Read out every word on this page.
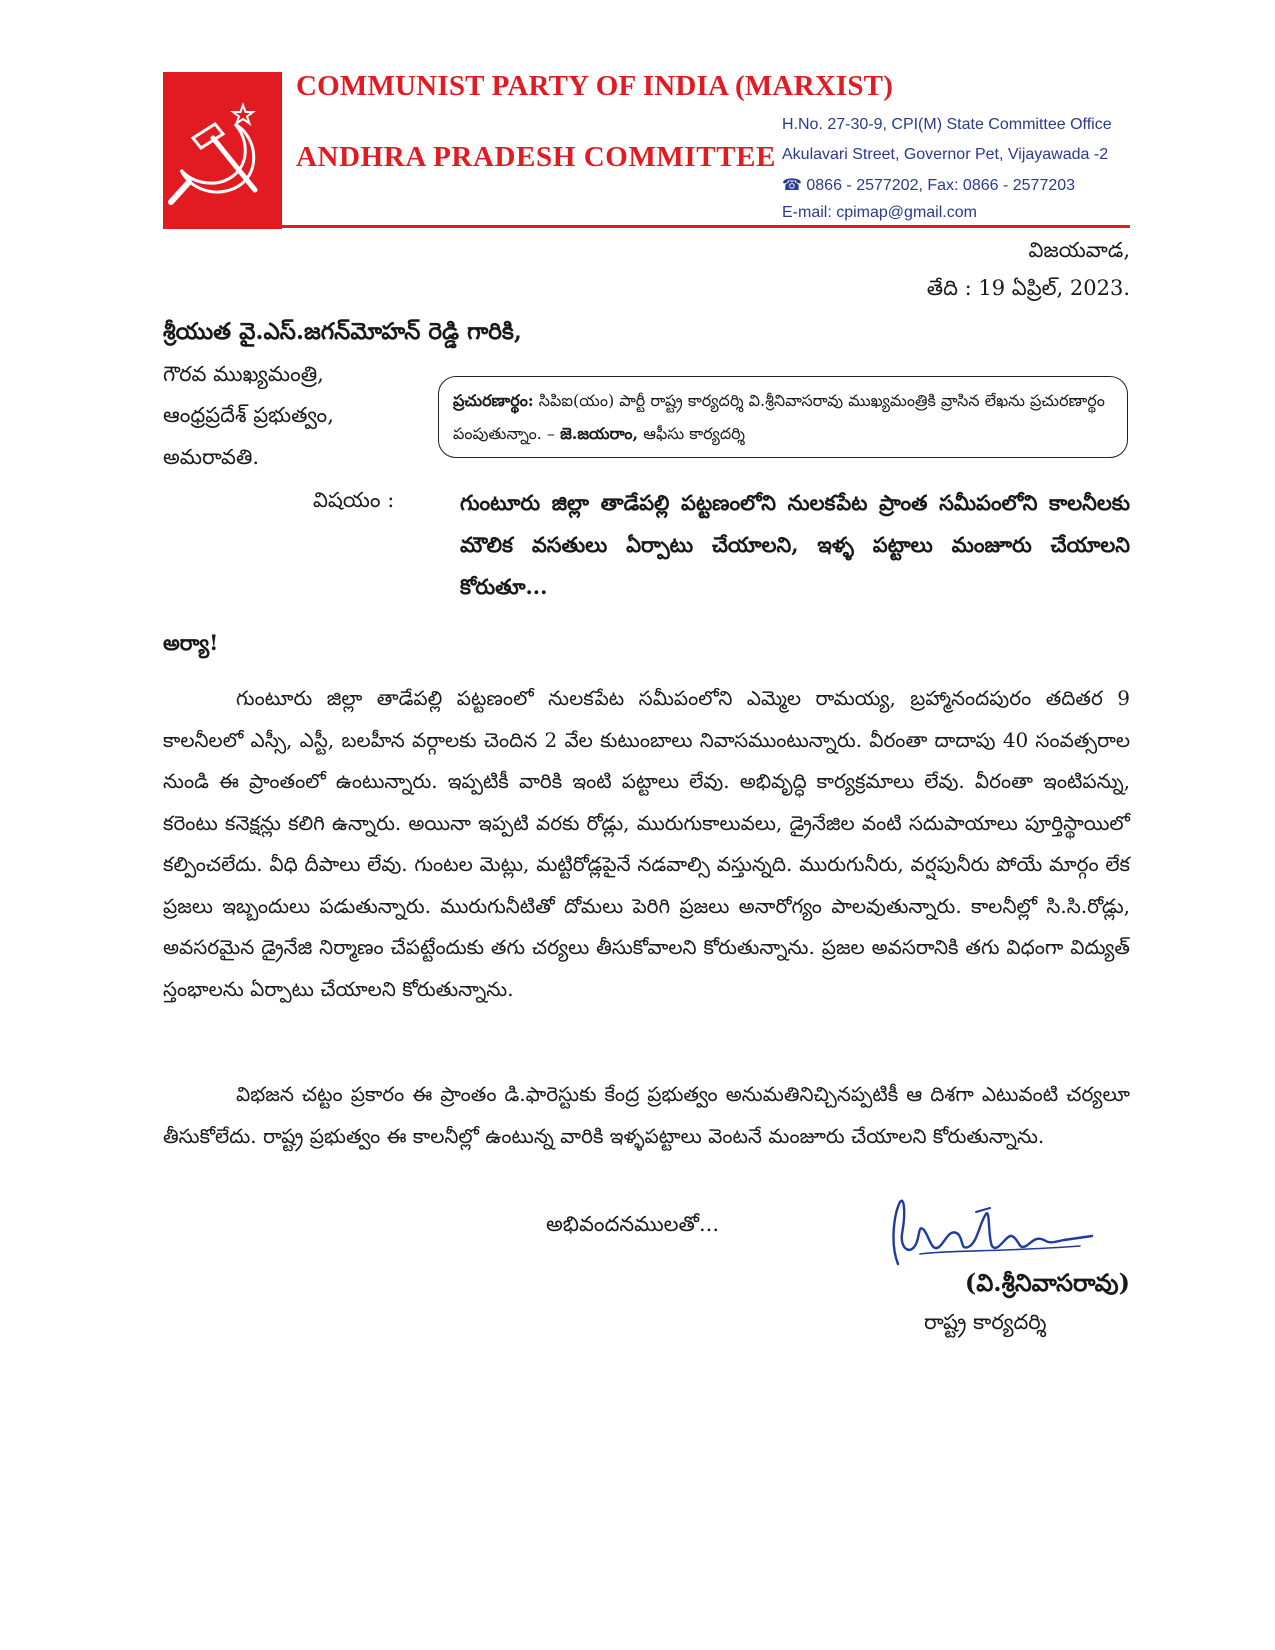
COMMUNIST PARTY OF INDIA (MARXIST)
ANDHRA PRADESH COMMITTEE
H.No. 27-30-9, CPI(M) State Committee Office
Akulavari Street, Governor Pet, Vijayawada -2
☎ 0866 - 2577202, Fax: 0866 - 2577203
E-mail: cpimap@gmail.com
విజయవాడ,
తేది : 19 ఏప్రిల్, 2023.
శ్రీయుత వై.ఎస్.జగన్‌మోహన్ రెడ్డి గారికి,
గౌరవ ముఖ్యమంత్రి,
ఆంధ్రప్రదేశ్ ప్రభుత్వం,
అమరావతి.
ప్రచురణార్థం: సిపిఐ(యం) పార్టీ రాష్ట్ర కార్యదర్శి వి.శ్రీనివాసరావు ముఖ్యమంత్రికి వ్రాసిన లేఖను ప్రచురణార్థం పంపుతున్నాం. – జె.జయరాం, ఆఫీసు కార్యదర్శి
విషయం :	గుంటూరు జిల్లా తాడేపల్లి పట్టణంలోని నులకపేట ప్రాంత సమీపంలోని కాలనీలకు మౌలిక వసతులు ఏర్పాటు చేయాలని, ఇళ్ళ పట్టాలు మంజూరు చేయాలని కోరుతూ...
అర్యా!
గుంటూరు జిల్లా తాడేపల్లి పట్టణంలో నులకపేట సమీపంలోని ఎమ్మెల రామయ్య, బ్రహ్మానందపురం తదితర 9 కాలనీలలో ఎస్సీ, ఎస్టీ, బలహీన వర్గాలకు చెందిన 2 వేల కుటుంబాలు నివాసముంటున్నారు. వీరంతా దాదాపు 40 సంవత్సరాల నుండి ఈ ప్రాంతంలో ఉంటున్నారు. ఇప్పటికీ వారికి ఇంటి పట్టాలు లేవు. అభివృద్ధి కార్యక్రమాలు లేవు. వీరంతా ఇంటిపన్ను, కరెంటు కనెక్షన్లు కలిగి ఉన్నారు. అయినా ఇప్పటి వరకు రోడ్లు, మురుగుకాలువలు, డ్రైనేజిల వంటి సదుపాయాలు పూర్తిస్థాయిలో కల్పించలేదు. వీధి దీపాలు లేవు. గుంటల మెట్లు, మట్టిరోడ్లపైనే నడవాల్సి వస్తున్నది. మురుగునీరు, వర్షపునీరు పోయే మార్గం లేక ప్రజలు ఇబ్బందులు పడుతున్నారు. మురుగునీటితో దోమలు పెరిగి ప్రజలు అనారోగ్యం పాలవుతున్నారు. కాలనీల్లో సి.సి.రోడ్లు, అవసరమైన డ్రైనేజి నిర్మాణం చేపట్టేందుకు తగు చర్యలు తీసుకోవాలని కోరుతున్నాను. ప్రజల అవసరానికి తగు విధంగా విద్యుత్ స్తంభాలను ఏర్పాటు చేయాలని కోరుతున్నాను.
విభజన చట్టం ప్రకారం ఈ ప్రాంతం డి.ఫారెస్టుకు కేంద్ర ప్రభుత్వం అనుమతినిచ్చినప్పటికీ ఆ దిశగా ఎటువంటి చర్యలూ తీసుకోలేదు. రాష్ట్ర ప్రభుత్వం ఈ కాలనీల్లో ఉంటున్న వారికి ఇళ్ళపట్టాలు వెంటనే మంజూరు చేయాలని కోరుతున్నాను.
అభివందనములతో...
(వి.శ్రీనివాసరావు)
రాష్ట్ర కార్యదర్శి
